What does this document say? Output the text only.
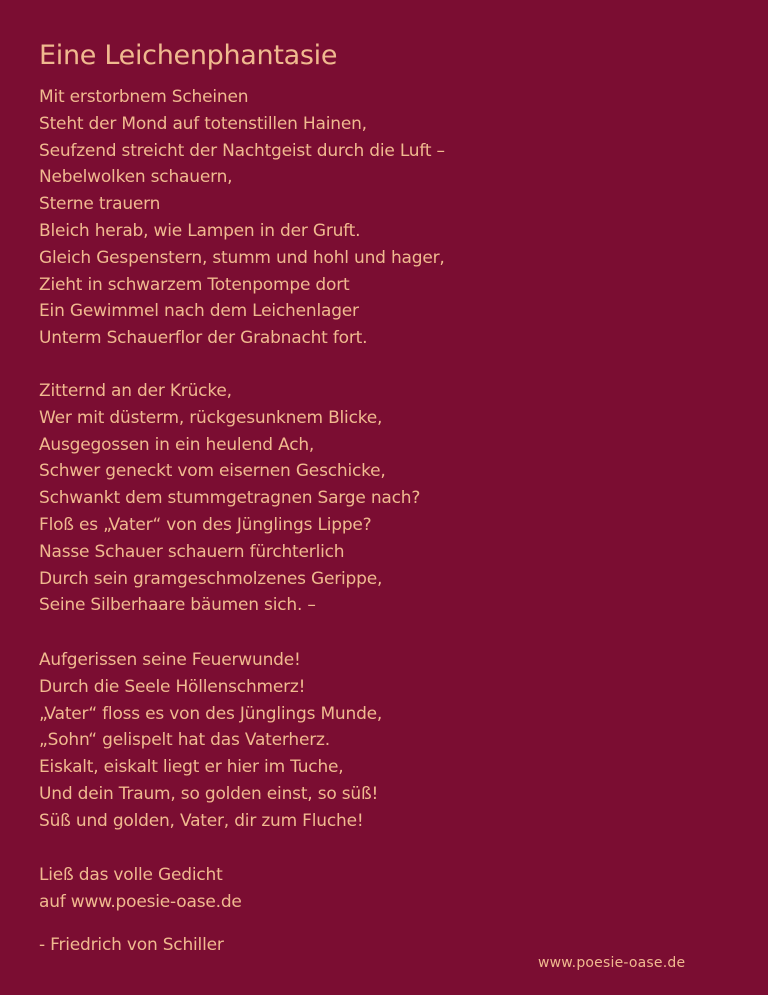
Eine Leichenphantasie
Mit erstorbnem Scheinen
Steht der Mond auf totenstillen Hainen,
Seufzend streicht der Nachtgeist durch die Luft –
Nebelwolken schauern,
Sterne trauern
Bleich herab, wie Lampen in der Gruft.
Gleich Gespenstern, stumm und hohl und hager,
Zieht in schwarzem Totenpompe dort
Ein Gewimmel nach dem Leichenlager
Unterm Schauerflor der Grabnacht fort.
Zitternd an der Krücke,
Wer mit düsterm, rückgesunknem Blicke,
Ausgegossen in ein heulend Ach,
Schwer geneckt vom eisernen Geschicke,
Schwankt dem stummgetragnen Sarge nach?
Floß es „Vater“ von des Jünglings Lippe?
Nasse Schauer schauern fürchterlich
Durch sein gramgeschmolzenes Gerippe,
Seine Silberhaare bäumen sich. –
Aufgerissen seine Feuerwunde!
Durch die Seele Höllenschmerz!
„Vater“ floss es von des Jünglings Munde,
„Sohn“ gelispelt hat das Vaterherz.
Eiskalt, eiskalt liegt er hier im Tuche,
Und dein Traum, so golden einst, so süß!
Süß und golden, Vater, dir zum Fluche!
Ließ das volle Gedicht
auf www.poesie-oase.de
- Friedrich von Schiller
www.poesie-oase.de
